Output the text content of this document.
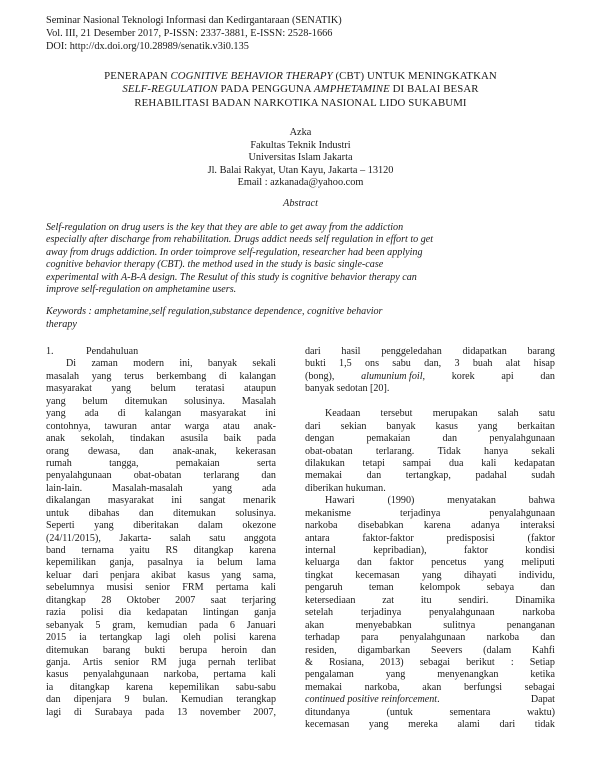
Seminar Nasional Teknologi Informasi dan Kedirgantaraan (SENATIK)
Vol. III, 21 Desember 2017, P-ISSN: 2337-3881, E-ISSN: 2528-1666
DOI: http://dx.doi.org/10.28989/senatik.v3i0.135
PENERAPAN COGNITIVE BEHAVIOR THERAPY (CBT) UNTUK MENINGKATKAN
SELF-REGULATION PADA PENGGUNA AMPHETAMINE DI BALAI BESAR
REHABILITASI BADAN NARKOTIKA NASIONAL LIDO SUKABUMI
Azka
Fakultas Teknik Industri
Universitas Islam Jakarta
Jl. Balai Rakyat, Utan Kayu, Jakarta – 13120
Email : azkanada@yahoo.com
Abstract
Self-regulation on drug users is the key that they are able to get away from the addiction
especially after discharge from rehabilitation. Drugs addict needs self regulation in effort to get
away from drugs addiction. In order toimprove self-regulation, researcher had been applying
cognitive behavior therapy (CBT). the method used in the study is basic single-case
experimental with A-B-A design. The Resulut of this study is cognitive behavior therapy can
improve self-regulation on amphetamine users.
Keywords : amphetamine,self regulation,substance dependence, cognitive behavior
therapy
1.	Pendahuluan
Di zaman modern ini, banyak sekali
masalah yang terus berkembang di kalangan
masyarakat yang belum teratasi ataupun
yang belum ditemukan solusinya. Masalah
yang ada di kalangan masyarakat ini
contohnya, tawuran antar warga atau anak-
anak sekolah, tindakan asusila baik pada
orang dewasa, dan anak-anak, kekerasan
rumah	tangga,	pemakaian	serta
penyalahgunaan obat-obatan terlarang dan
lain-lain.	Masalah-masalah	yang	ada
dikalangan masyarakat ini sangat menarik
untuk dibahas dan ditemukan solusinya.
Seperti yang diberitakan dalam okezone
(24/11/2015), Jakarta- salah satu anggota
band ternama yaitu RS ditangkap karena
kepemilikan ganja, pasalnya ia belum lama
keluar dari penjara akibat kasus yang sama,
sebelumnya musisi senior FRM pertama kali
ditangkap 28 Oktober 2007 saat terjaring
razia polisi dia kedapatan lintingan ganja
sebanyak 5 gram, kemudian pada 6 Januari
2015 ia tertangkap lagi oleh polisi karena
ditemukan barang bukti berupa heroin dan
ganja. Artis senior RM juga pernah terlibat
kasus penyalahgunaan narkoba, pertama kali
ia ditangkap karena kepemilikan sabu-sabu
dan dipenjara 9 bulan. Kemudian terangkap
lagi di Surabaya pada 13 november 2007,
dari hasil penggeledahan didapatkan barang
bukti 1,5 ons sabu dan, 3 buah alat hisap
(bong),	alumunium foil,	korek	api	dan
banyak sedotan [20].
Keadaan tersebut merupakan salah satu
dari sekian banyak kasus yang berkaitan
dengan	pemakaian	dan	penyalahgunaan
obat-obatan terlarang. Tidak hanya sekali
dilakukan tetapi sampai dua kali kedapatan
memakai dan tertangkap, padahal sudah
diberikan hukuman.
Hawari	(1990)	menyatakan	bahwa
mekanisme	terjadinya	penyalahgunaan
narkoba disebabkan karena adanya interaksi
antara	faktor-faktor	predisposisi	(faktor
internal	kepribadian),	faktor	kondisi
keluarga dan faktor pencetus yang meliputi
tingkat kecemasan yang dihayati individu,
pengaruh	teman	kelompok	sebaya	dan
ketersediaan	zat	itu	sendiri.	Dinamika
setelah	terjadinya	penyalahgunaan	narkoba
akan	menyebabkan	sulitnya	penanganan
terhadap para penyalahgunaan narkoba dan
residen, digambarkan Seevers (dalam Kahfi
& Rosiana, 2013) sebagai berikut : Setiap
pengalaman	yang	menyenangkan	ketika
memakai narkoba, akan berfungsi sebagai
continued positive reinforcement.	Dapat
ditundanya	(untuk	sementara	waktu)
kecemasan yang mereka alami dari tidak
